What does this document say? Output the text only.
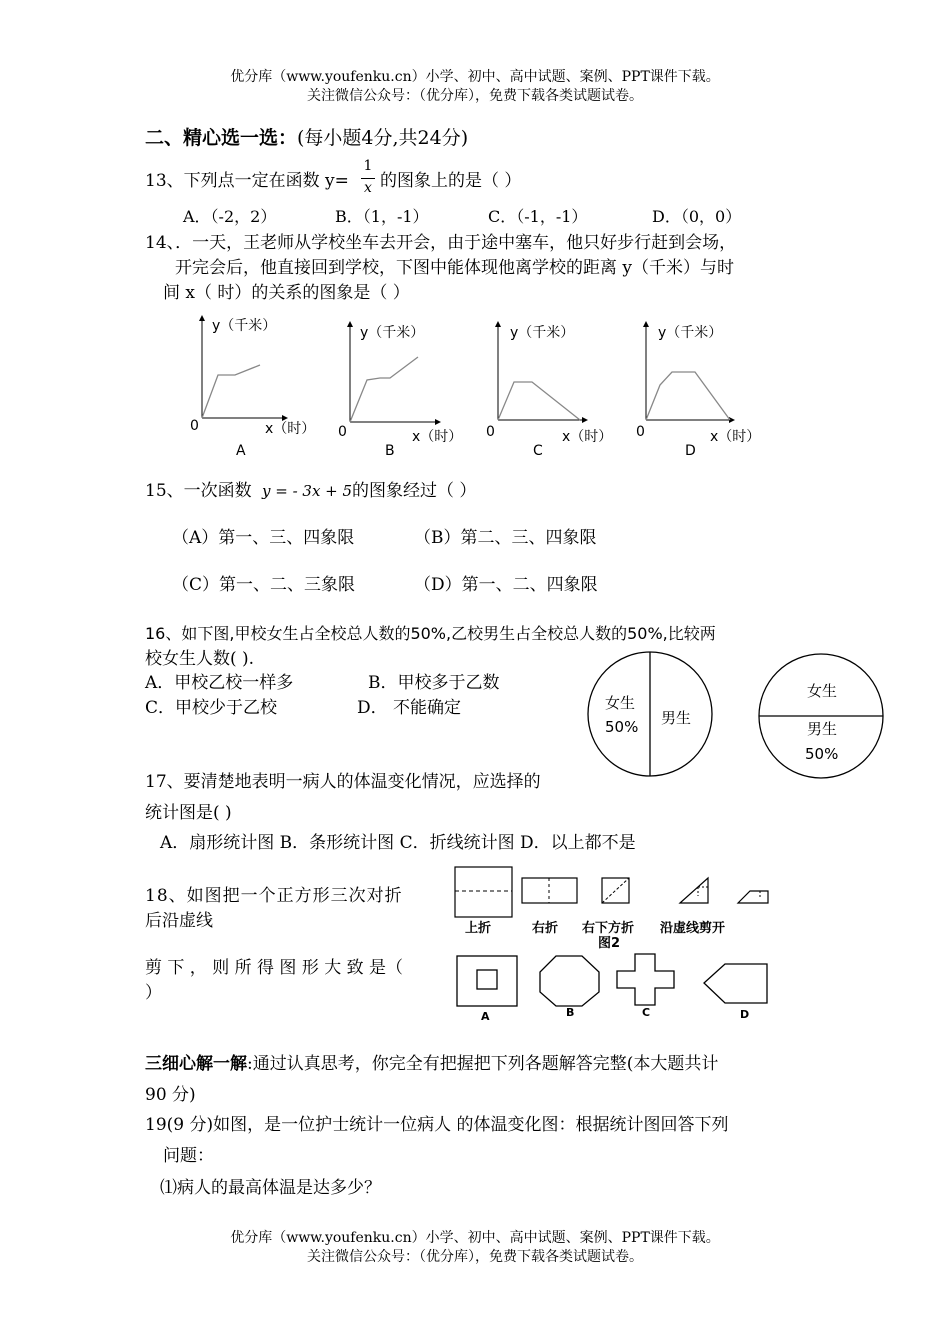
优分库（www.youfenku.cn）小学、初中、高中试题、案例、PPT课件下载。
关注微信公众号：（优分库），免费下载各类试题试卷。
二、精心选一选：(每小题4分,共24分)
13、下列点一定在函数 y=
1
x 的图象上的是（ ）
A．（-2，2）	B．（1，-1）	C．（-1，-1）	D．（0，0）
14、．一天，王老师从学校坐车去开会，由于途中塞车，他只好步行赶到会场，
开完会后，他直接回到学校，下图中能体现他离学校的距离 y（千米）与时
间 x（ 时）的关系的图象是（ ）
y（千米）
0	x（时）
A
y（千米）
0	x（时）
B
y（千米）
0	x（时）
C
y（千米）
0	x（时）
D
15、一次函数 y = - 3x + 5 的图象经过（ ）
（A）第一、三、四象限	（B）第二、三、四象限
（C）第一、二、三象限	（D）第一、二、四象限
16、如下图,甲校女生占全校总人数的50%,乙校男生占全校总人数的50%,比较两
校女生人数( ).
A．甲校乙校一样多	B．甲校多于乙数
C．甲校少于乙校	D． 不能确定	女生
50% 男生
女生
男生
50%
17、要清楚地表明一病人的体温变化情况，应选择的
统计图是( )
A．扇形统计图 B．条形统计图 C．折线统计图 D．以上都不是
18、如图把一个正方形三次对折
后沿虚线
剪 下 ， 则 所 得 图 形 大 致 是（
）
上折	右折 右下方折
图2
沿虚线剪开
A	B	C	D
三细心解一解:通过认真思考，你完全有把握把下列各题解答完整(本大题共计
90 分)
19(9 分)如图，是一位护士统计一位病人 的体温变化图：根据统计图回答下列
问题：
⑴病人的最高体温是达多少？
优分库（www.youfenku.cn）小学、初中、高中试题、案例、PPT课件下载。
关注微信公众号：（优分库），免费下载各类试题试卷。
